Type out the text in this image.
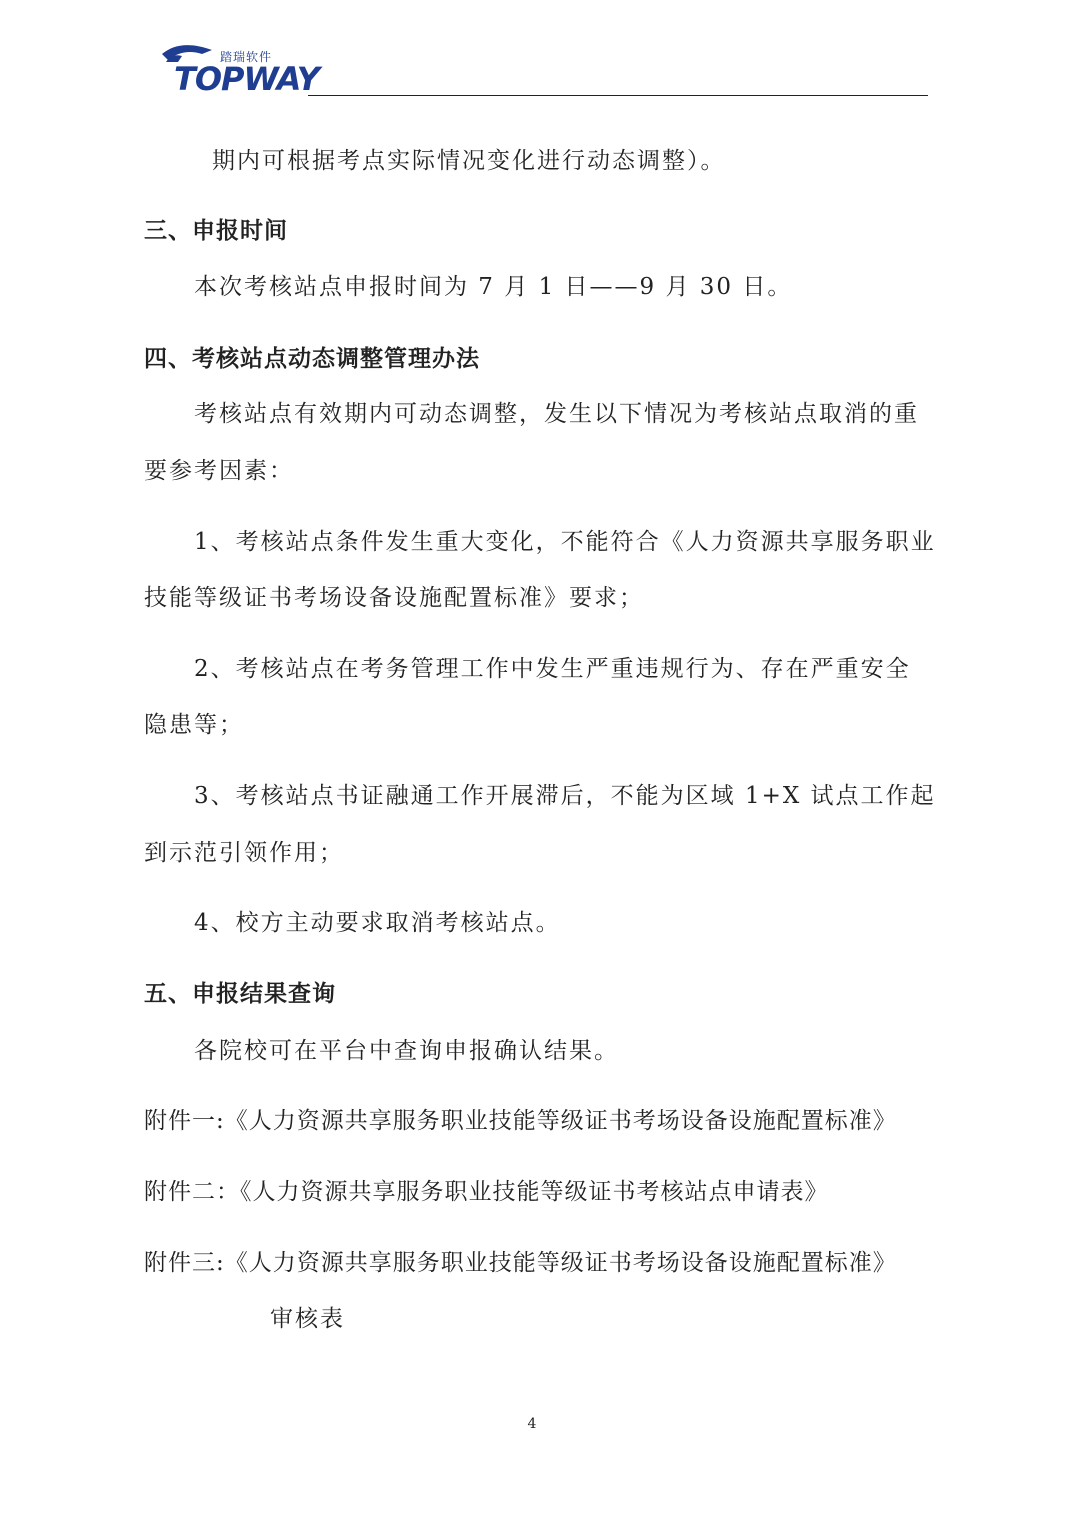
踏瑞软件
TOPWAY
期内可根据考点实际情况变化进行动态调整）。
三、申报时间
本次考核站点申报时间为 7 月 1 日——9 月 30 日。
四、考核站点动态调整管理办法
考核站点有效期内可动态调整，发生以下情况为考核站点取消的重
要参考因素：
1、考核站点条件发生重大变化，不能符合《人力资源共享服务职业
技能等级证书考场设备设施配置标准》要求；
2、考核站点在考务管理工作中发生严重违规行为、存在严重安全
隐患等；
3、考核站点书证融通工作开展滞后，不能为区域 1+X 试点工作起
到示范引领作用；
4、校方主动要求取消考核站点。
五、申报结果查询
各院校可在平台中查询申报确认结果。
附件一:《人力资源共享服务职业技能等级证书考场设备设施配置标准》
附件二：《人力资源共享服务职业技能等级证书考核站点申请表》
附件三:《人力资源共享服务职业技能等级证书考场设备设施配置标准》
审核表
4
